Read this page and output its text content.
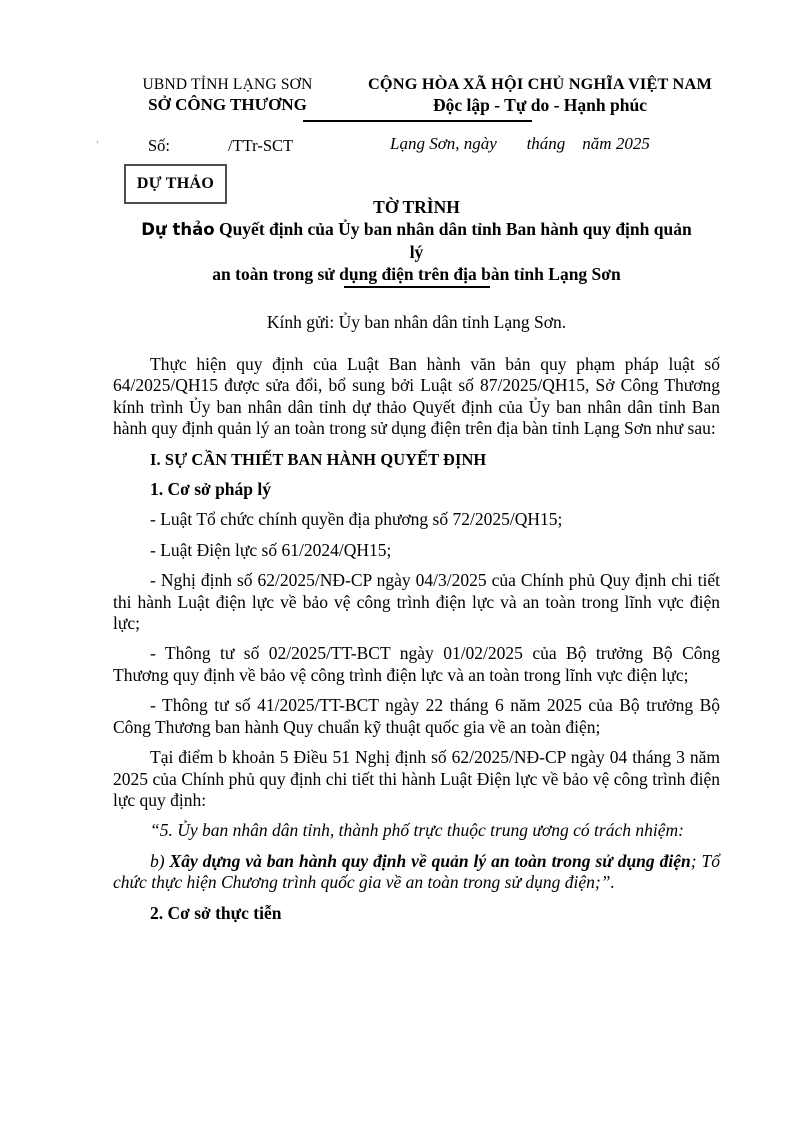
UBND TỈNH LẠNG SƠN
SỞ CÔNG THƯƠNG
CỘNG HÒA XÃ HỘI CHỦ NGHĨA VIỆT NAM
Độc lập - Tự do - Hạnh phúc
Số:	/TTr-SCT	Lạng Sơn, ngày       tháng    năm 2025
’
DỰ THẢO
TỜ TRÌNH
Dự thảo Quyết định của Ủy ban nhân dân tỉnh Ban hành quy định quản
lý
an toàn trong sử dụng điện trên địa bàn tỉnh Lạng Sơn
Kính gửi: Ủy ban nhân dân tỉnh Lạng Sơn.

Thực hiện quy định của Luật Ban hành văn bản quy phạm pháp luật số 64/2025/QH15 được sửa đổi, bổ sung bởi Luật số 87/2025/QH15, Sở Công Thương kính trình Ủy ban nhân dân tỉnh dự thảo Quyết định của Ủy ban nhân dân tỉnh Ban hành quy định quản lý an toàn trong sử dụng điện trên địa bàn tỉnh Lạng Sơn như sau:

I. SỰ CẦN THIẾT BAN HÀNH QUYẾT ĐỊNH

1. Cơ sở pháp lý

- Luật Tổ chức chính quyền địa phương số 72/2025/QH15;

- Luật Điện lực số 61/2024/QH15;

- Nghị định số 62/2025/NĐ-CP ngày 04/3/2025 của Chính phủ Quy định chi tiết thi hành Luật điện lực về bảo vệ công trình điện lực và an toàn trong lĩnh vực điện lực;

- Thông tư số 02/2025/TT-BCT ngày 01/02/2025 của Bộ trưởng Bộ Công Thương quy định về bảo vệ công trình điện lực và an toàn trong lĩnh vực điện lực;

- Thông tư số 41/2025/TT-BCT ngày 22 tháng 6 năm 2025 của Bộ trưởng Bộ Công Thương ban hành Quy chuẩn kỹ thuật quốc gia về an toàn điện;

Tại điểm b khoản 5 Điều 51 Nghị định số 62/2025/NĐ-CP ngày 04 tháng 3 năm 2025 của Chính phủ quy định chi tiết thi hành Luật Điện lực về bảo vệ công trình điện lực quy định:

“5. Ủy ban nhân dân tỉnh, thành phố trực thuộc trung ương có trách nhiệm:

b) Xây dựng và ban hành quy định về quản lý an toàn trong sử dụng điện; Tổ chức thực hiện Chương trình quốc gia về an toàn trong sử dụng điện;”.

2. Cơ sở thực tiễn
